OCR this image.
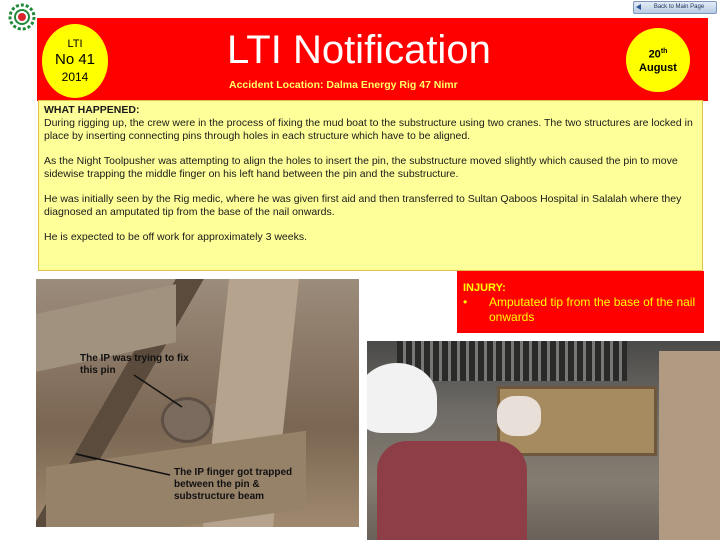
Back to Main Page
LTI
No 41
2014
LTI Notification
Accident Location: Dalma Energy Rig 47 Nimr
20th
August
WHAT HAPPENED:

During rigging up, the crew were in the process of fixing the mud boat to the substructure using two cranes. The two structures are locked in place by inserting connecting pins through holes in each structure which have to be aligned.

As the Night Toolpusher was attempting to align the holes to insert the pin, the substructure moved slightly which caused the pin to move sidewise trapping the middle finger on his left hand between the pin and the substructure.

He was initially seen by the Rig medic, where he was given first aid and then transferred to Sultan Qaboos Hospital in Salalah where they diagnosed an amputated tip from the base of the nail onwards.

He is expected to be off work for approximately 3 weeks.

The IP was trying to fix this pin
The IP finger got trapped between the pin & substructure beam
INJURY:
•	Amputated tip from the base of the nail onwards
